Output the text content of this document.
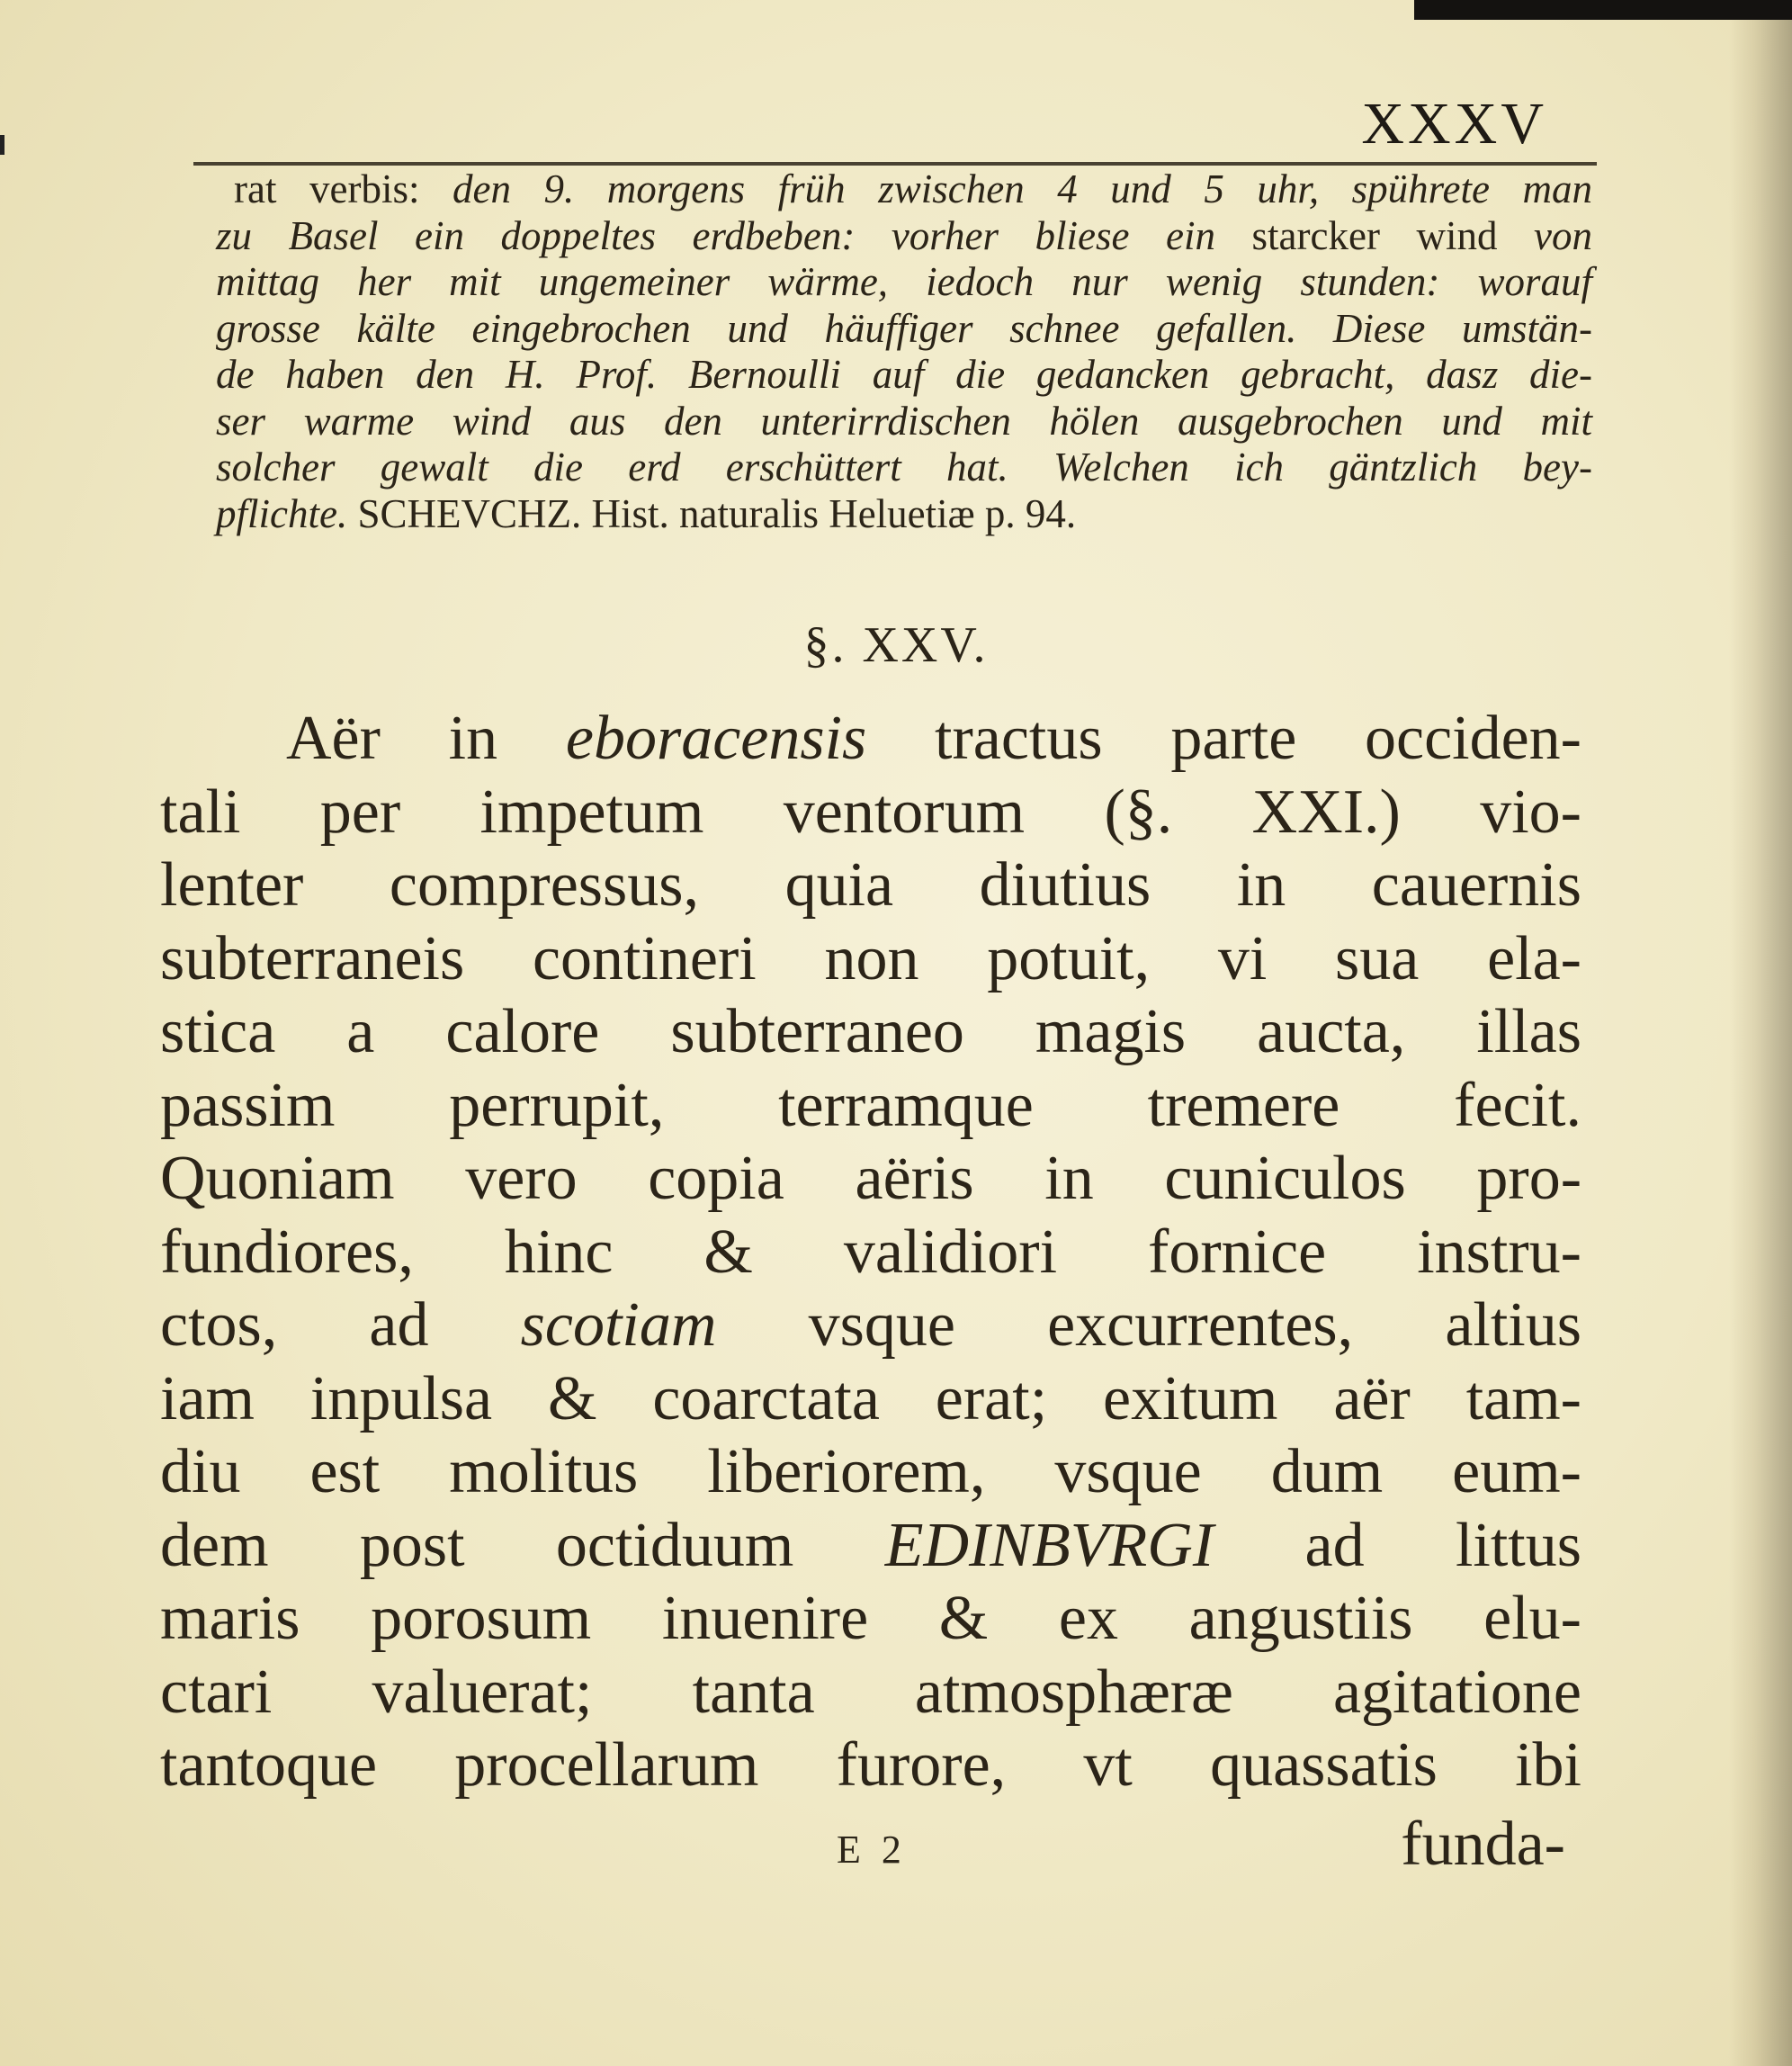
XXXV
rat verbis: den 9. morgens früh zwischen 4 und 5 uhr, spührete man
zu Basel ein doppeltes erdbeben: vorher bliese ein starcker wind von
mittag her mit ungemeiner wärme, iedoch nur wenig stunden: worauf
grosse kälte eingebrochen und häuffiger schnee gefallen. Diese umstän-
de haben den H. Prof. Bernoulli auf die gedancken gebracht, dasz die-
ser warme wind aus den unterirrdischen hölen ausgebrochen und mit
solcher gewalt die erd erschüttert hat. Welchen ich gäntzlich bey-
pflichte. SCHEVCHZ. Hist. naturalis Heluetiæ p. 94.
§. XXV.
Aër in eboracensis tractus parte occiden-
tali per impetum ventorum (§. XXI.) vio-
lenter compressus, quia diutius in cauernis
subterraneis contineri non potuit, vi sua ela-
stica a calore subterraneo magis aucta, illas
passim perrupit, terramque tremere fecit.
Quoniam vero copia aëris in cuniculos pro-
fundiores, hinc & validiori fornice instru-
ctos, ad scotiam vsque excurrentes, altius
iam inpulsa & coarctata erat; exitum aër tam-
diu est molitus liberiorem, vsque dum eum-
dem post octiduum EDINBVRGI ad littus
maris porosum inuenire & ex angustiis elu-
ctari valuerat; tanta atmosphæræ agitatione
tantoque procellarum furore, vt quassatis ibi
E 2	funda-
